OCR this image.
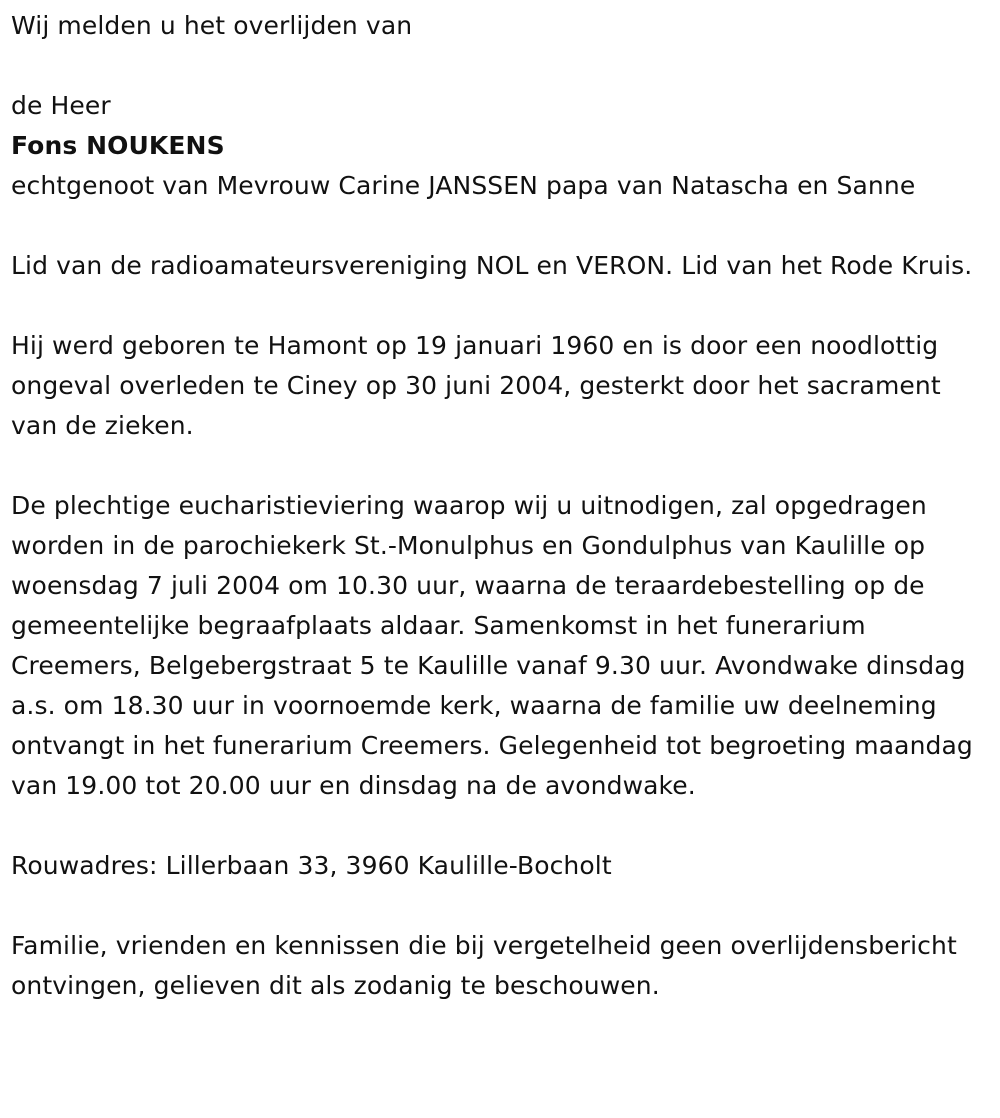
Wij melden u het overlijden van

de Heer

Fons NOUKENS

echtgenoot van Mevrouw Carine JANSSEN papa van Natascha en Sanne

Lid van de radioamateursvereniging NOL en VERON. Lid van het Rode Kruis.

Hij werd geboren te Hamont op 19 januari 1960 en is door een noodlottig ongeval overleden te Ciney op 30 juni 2004, gesterkt door het sacrament van de zieken.

De plechtige eucharistieviering waarop wij u uitnodigen, zal opgedragen worden in de parochiekerk St.-Monulphus en Gondulphus van Kaulille op woensdag 7 juli 2004 om 10.30 uur, waarna de teraardebestelling op de gemeentelijke begraafplaats aldaar. Samenkomst in het funerarium Creemers, Belgebergstraat 5 te Kaulille vanaf 9.30 uur. Avondwake dinsdag a.s. om 18.30 uur in voornoemde kerk, waarna de familie uw deelneming ontvangt in het funerarium Creemers. Gelegenheid tot begroeting maandag van 19.00 tot 20.00 uur en dinsdag na de avondwake.

Rouwadres: Lillerbaan 33, 3960 Kaulille-Bocholt

Familie, vrienden en kennissen die bij vergetelheid geen overlijdensbericht ontvingen, gelieven dit als zodanig te beschouwen.
